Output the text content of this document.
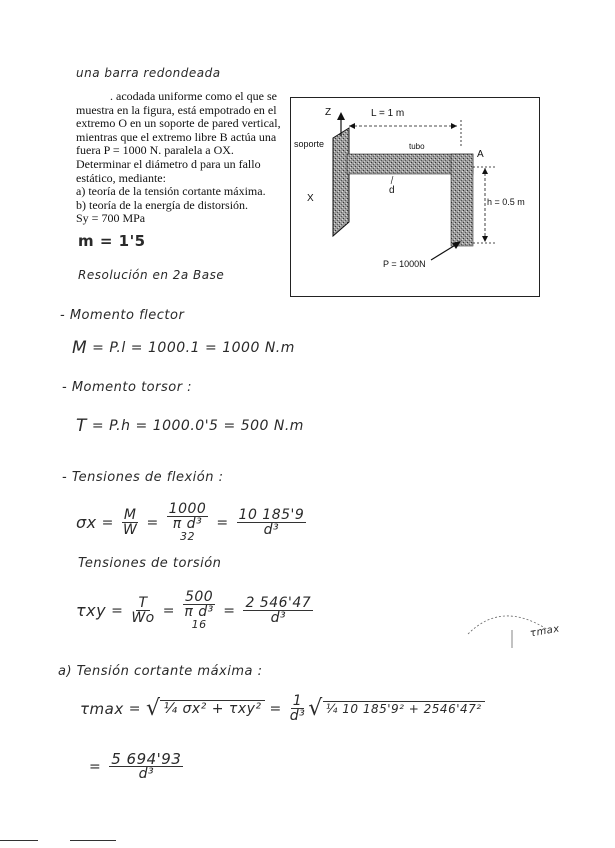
una barra redondeada
. acodada uniforme como el que se
muestra en la figura, está empotrado en el
extremo O en un soporte de pared vertical,
mientras que el extremo libre B actúa una
fuera P = 1000 N. paralela a OX.
Determinar el diámetro d para un fallo
estático, mediante:
a) teoría de la tensión cortante máxima.
b) teoría de la energía de distorsión.
Sy = 700 MPa
m = 1'5
L = 1 m
Z
X
soporte	tubo
d
A
h = 0.5 m
P = 1000N
Resolución en 2a Base
- Momento flector
M = P.l = 1000.1 = 1000 N.m
- Momento torsor :
T = P.h = 1000.0'5 = 500 N.m
- Tensiones de flexión :
$\sigma x = \frac{M}{W}$ =
1000
π d³
32
= $\frac{10 185'9}{\text{d³}}$
Tensiones de torsión
$\tau xy = \frac{T}{Wo}$ =
500
π d³
16
= $\frac{2 546'47}{\text{d³}}$
τmax
a) Tensión cortante máxima :
τmax = √ ¼ $\sigma x^2 + \tau xy^2 = \frac{1}{\text{d³}}$ √ ¼ 10 185'9² + 2546'47²
= $\frac{5 694'93}{\text{d³}}$
